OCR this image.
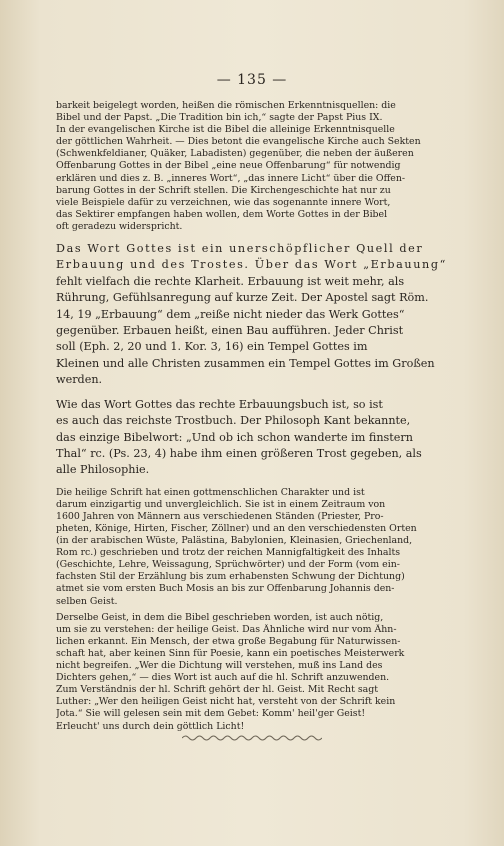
— 135 —
barkeit beigelegt worden, heißen die römischen Erkenntnisquellen: die
Bibel und der Papst. „Die Tradition bin ich,“ sagte der Papst Pius IX.
In der evangelischen Kirche ist die Bibel die alleinige Erkenntnisquelle
der göttlichen Wahrheit. — Dies betont die evangelische Kirche auch Sekten
(Schwenkfeldianer, Quäker, Labadisten) gegenüber, die neben der äußeren
Offenbarung Gottes in der Bibel „eine neue Offenbarung“ für notwendig
erklären und dies z. B. „inneres Wort“, „das innere Licht“ über die Offen-
barung Gottes in der Schrift stellen. Die Kirchengeschichte hat nur zu
viele Beispiele dafür zu verzeichnen, wie das sogenannte innere Wort,
das Sektirer empfangen haben wollen, dem Worte Gottes in der Bibel
oft geradezu widerspricht.
Das Wort Gottes ist ein unerschöpflicher Quell der
Erbauung und des Trostes. Über das Wort „Erbauung“
fehlt vielfach die rechte Klarheit. Erbauung ist weit mehr, als
Rührung, Gefühlsanregung auf kurze Zeit. Der Apostel sagt Röm.
14, 19 „Erbauung“ dem „reiße nicht nieder das Werk Gottes“
gegenüber. Erbauen heißt, einen Bau aufführen. Jeder Christ
soll (Eph. 2, 20 und 1. Kor. 3, 16) ein Tempel Gottes im
Kleinen und alle Christen zusammen ein Tempel Gottes im Großen
werden.
Wie das Wort Gottes das rechte Erbauungsbuch ist, so ist
es auch das reichste Trostbuch. Der Philosoph Kant bekannte,
das einzige Bibelwort: „Und ob ich schon wanderte im finstern
Thal“ rc. (Ps. 23, 4) habe ihm einen größeren Trost gegeben, als
alle Philosophie.
Die heilige Schrift hat einen gottmenschlichen Charakter und ist
darum einzigartig und unvergleichlich. Sie ist in einem Zeitraum von
1600 Jahren von Männern aus verschiedenen Ständen (Priester, Pro-
pheten, Könige, Hirten, Fischer, Zöllner) und an den verschiedensten Orten
(in der arabischen Wüste, Palästina, Babylonien, Kleinasien, Griechenland,
Rom rc.) geschrieben und trotz der reichen Mannigfaltigkeit des Inhalts
(Geschichte, Lehre, Weissagung, Sprüchwörter) und der Form (vom ein-
fachsten Stil der Erzählung bis zum erhabensten Schwung der Dichtung)
atmet sie vom ersten Buch Mosis an bis zur Offenbarung Johannis den-
selben Geist.
Derselbe Geist, in dem die Bibel geschrieben worden, ist auch nötig,
um sie zu verstehen: der heilige Geist. Das Ähnliche wird nur vom Ähn-
lichen erkannt. Ein Mensch, der etwa große Begabung für Naturwissen-
schaft hat, aber keinen Sinn für Poesie, kann ein poetisches Meisterwerk
nicht begreifen. „Wer die Dichtung will verstehen, muß ins Land des
Dichters gehen,“ — dies Wort ist auch auf die hl. Schrift anzuwenden.
Zum Verständnis der hl. Schrift gehört der hl. Geist. Mit Recht sagt
Luther: „Wer den heiligen Geist nicht hat, versteht von der Schrift kein
Jota.“ Sie will gelesen sein mit dem Gebet: Komm' heil'ger Geist!
Erleucht' uns durch dein göttlich Licht!
